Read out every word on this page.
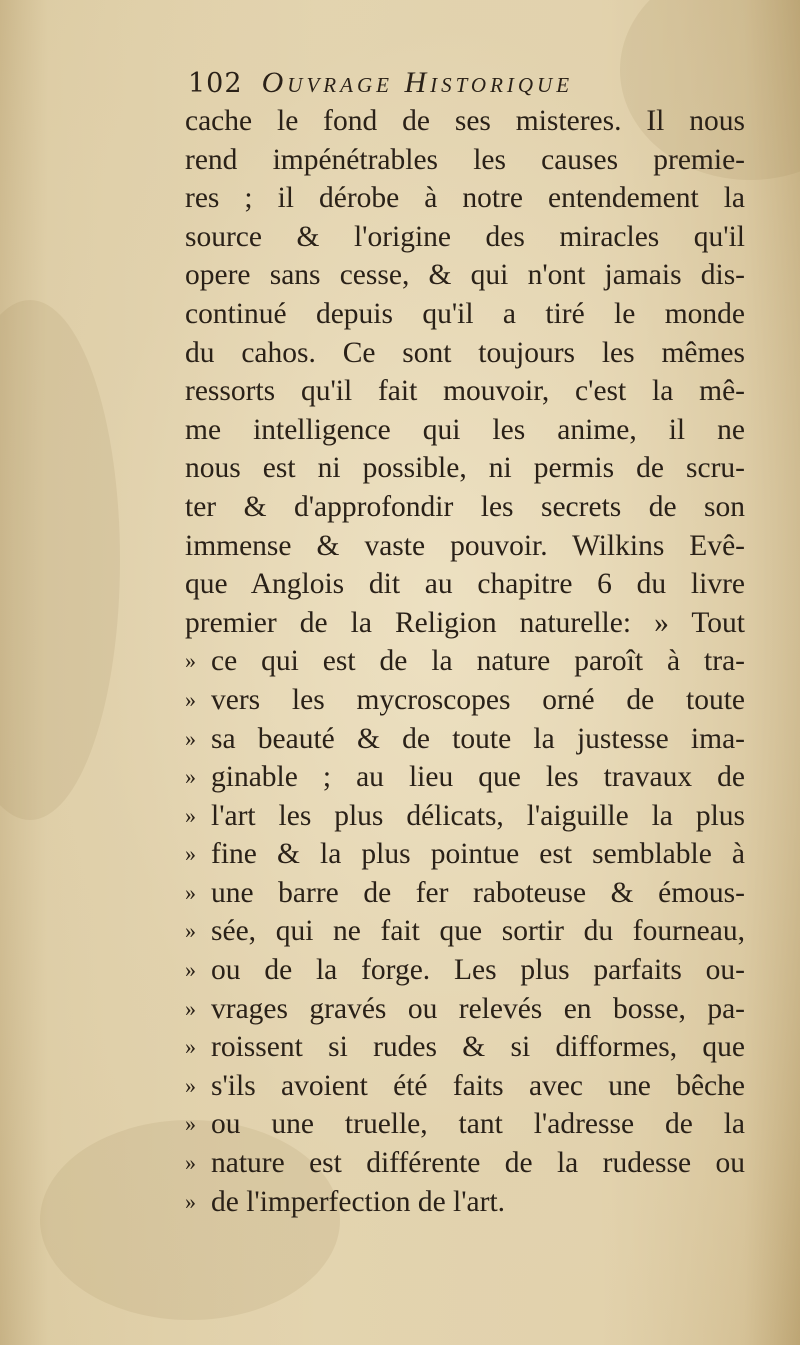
102 Ouvrage Historique
cache le fond de ses misteres. Il nous
rend impénétrables les causes premie-
res ; il dérobe à notre entendement la
source & l'origine des miracles qu'il
opere sans cesse, & qui n'ont jamais dis-
continué depuis qu'il a tiré le monde
du cahos. Ce sont toujours les mêmes
ressorts qu'il fait mouvoir, c'est la mê-
me intelligence qui les anime, il ne
nous est ni possible, ni permis de scru-
ter & d'approfondir les secrets de son
immense & vaste pouvoir. Wilkins Evê-
que Anglois dit au chapitre 6 du livre
premier de la Religion naturelle: » Tout
» ce qui est de la nature paroît à tra-
» vers les mycroscopes orné de toute
» sa beauté & de toute la justesse ima-
» ginable ; au lieu que les travaux de
» l'art les plus délicats, l'aiguille la plus
» fine & la plus pointue est semblable à
» une barre de fer raboteuse & émous-
» sée, qui ne fait que sortir du fourneau,
» ou de la forge. Les plus parfaits ou-
» vrages gravés ou relevés en bosse, pa-
» roissent si rudes & si difformes, que
» s'ils avoient été faits avec une bêche
» ou une truelle, tant l'adresse de la
» nature est différente de la rudesse ou
» de l'imperfection de l'art.
